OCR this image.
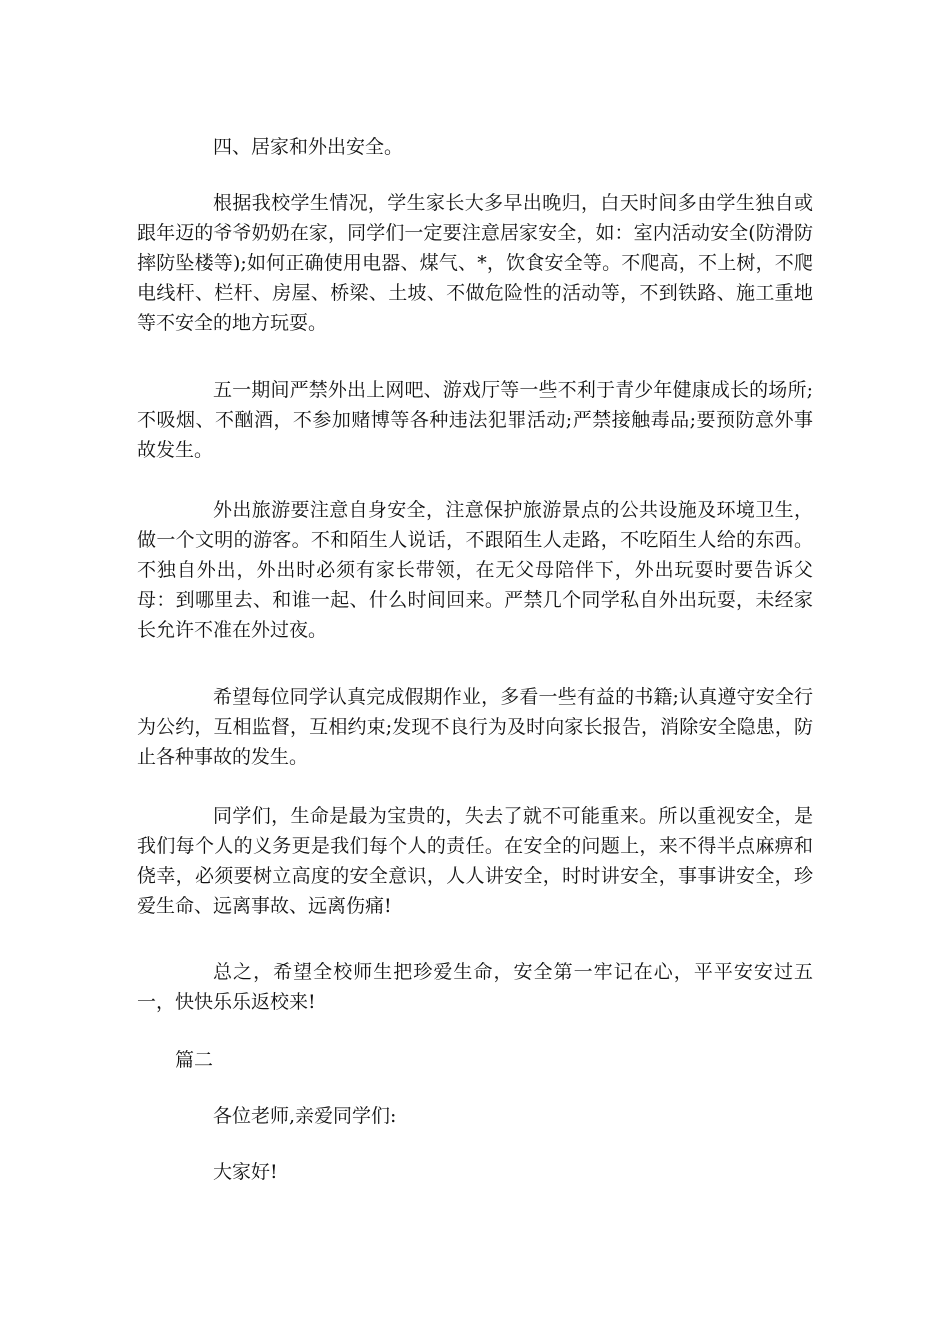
四、居家和外出安全。

根据我校学生情况，学生家长大多早出晚归，白天时间多由学生独自或跟年迈的爷爷奶奶在家，同学们一定要注意居家安全，如：室内活动安全(防滑防摔防坠楼等);如何正确使用电器、煤气、*，饮食安全等。不爬高，不上树，不爬电线杆、栏杆、房屋、桥梁、土坡、不做危险性的活动等，不到铁路、施工重地等不安全的地方玩耍。

五一期间严禁外出上网吧、游戏厅等一些不利于青少年健康成长的场所;不吸烟、不酗酒，不参加赌博等各种违法犯罪活动;严禁接触毒品;要预防意外事故发生。

外出旅游要注意自身安全，注意保护旅游景点的公共设施及环境卫生，做一个文明的游客。不和陌生人说话，不跟陌生人走路，不吃陌生人给的东西。不独自外出，外出时必须有家长带领，在无父母陪伴下，外出玩耍时要告诉父母：到哪里去、和谁一起、什么时间回来。严禁几个同学私自外出玩耍，未经家长允许不准在外过夜。

希望每位同学认真完成假期作业，多看一些有益的书籍;认真遵守安全行为公约，互相监督，互相约束;发现不良行为及时向家长报告，消除安全隐患，防止各种事故的发生。

同学们，生命是最为宝贵的，失去了就不可能重来。所以重视安全，是我们每个人的义务更是我们每个人的责任。在安全的问题上，来不得半点麻痹和侥幸，必须要树立高度的安全意识，人人讲安全，时时讲安全，事事讲安全，珍爱生命、远离事故、远离伤痛!

总之，希望全校师生把珍爱生命，安全第一牢记在心，平平安安过五一，快快乐乐返校来!

篇二

各位老师,亲爱同学们:

大家好!
